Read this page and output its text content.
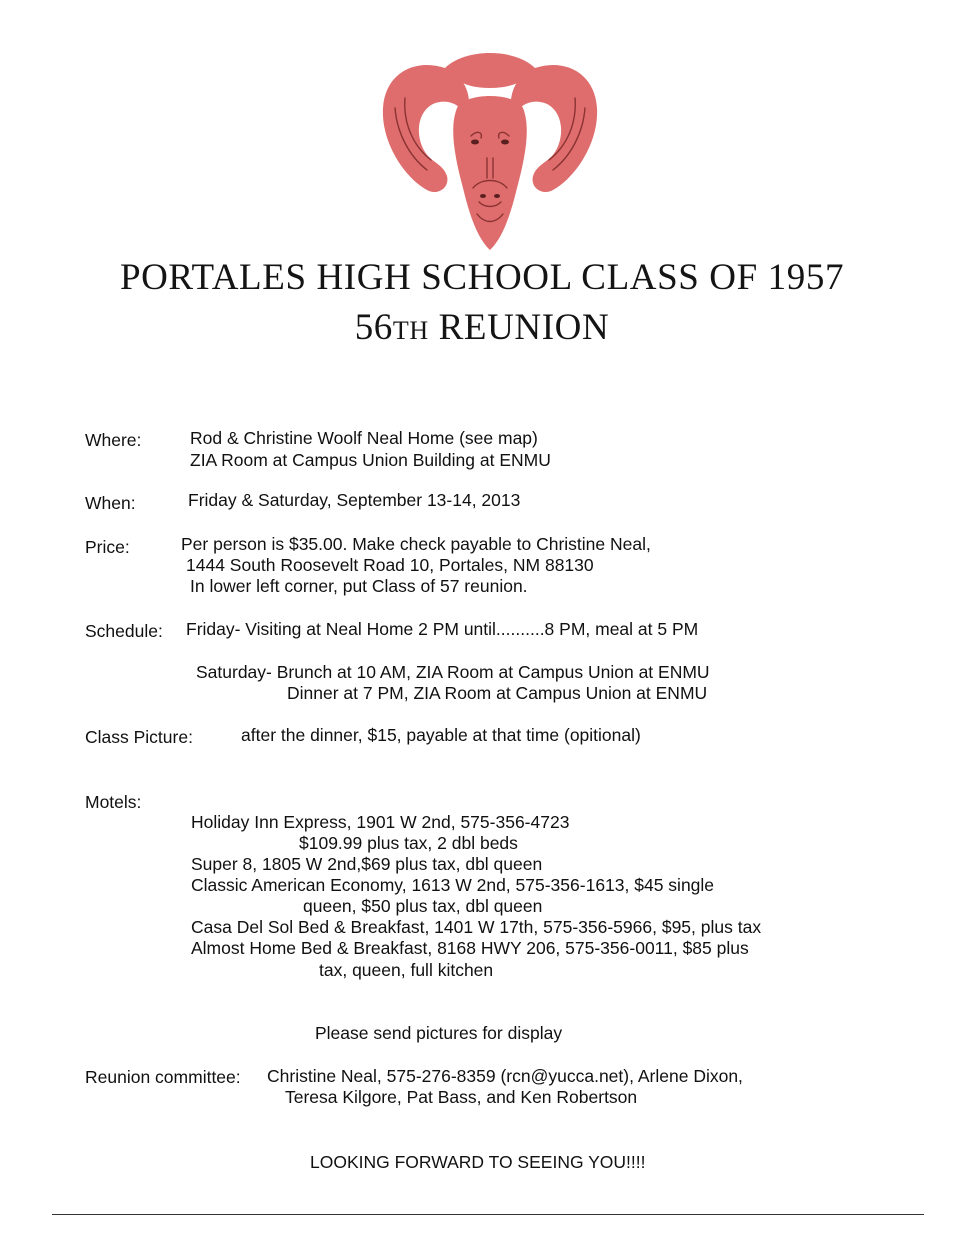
PORTALES HIGH SCHOOL CLASS OF 1957
56TH REUNION
Where:	Rod & Christine Woolf Neal Home (see map)
ZIA Room at Campus Union Building at ENMU
When:	Friday & Saturday, September 13-14, 2013
Price:	Per person is $35.00. Make check payable to Christine Neal,
1444 South Roosevelt Road 10, Portales, NM 88130
In lower left corner, put Class of 57 reunion.
Schedule: Friday- Visiting at Neal Home 2 PM until..........8 PM, meal at 5 PM
Saturday- Brunch at 10 AM, ZIA Room at Campus Union at ENMU
Dinner at 7 PM, ZIA Room at Campus Union at ENMU
Class Picture:	after the dinner, $15, payable at that time (opitional)
Motels:
Holiday Inn Express, 1901 W 2nd, 575-356-4723
$109.99 plus tax, 2 dbl beds
Super 8, 1805 W 2nd,$69 plus tax, dbl queen
Classic American Economy, 1613 W 2nd, 575-356-1613, $45 single
queen, $50 plus tax, dbl queen
Casa Del Sol Bed & Breakfast, 1401 W 17th, 575-356-5966, $95, plus tax
Almost Home Bed & Breakfast, 8168 HWY 206, 575-356-0011, $85 plus
tax, queen, full kitchen
Please send pictures for display
Reunion committee: Christine Neal, 575-276-8359 (rcn@yucca.net), Arlene Dixon,
Teresa Kilgore, Pat Bass, and Ken Robertson
LOOKING FORWARD TO SEEING YOU!!!!
